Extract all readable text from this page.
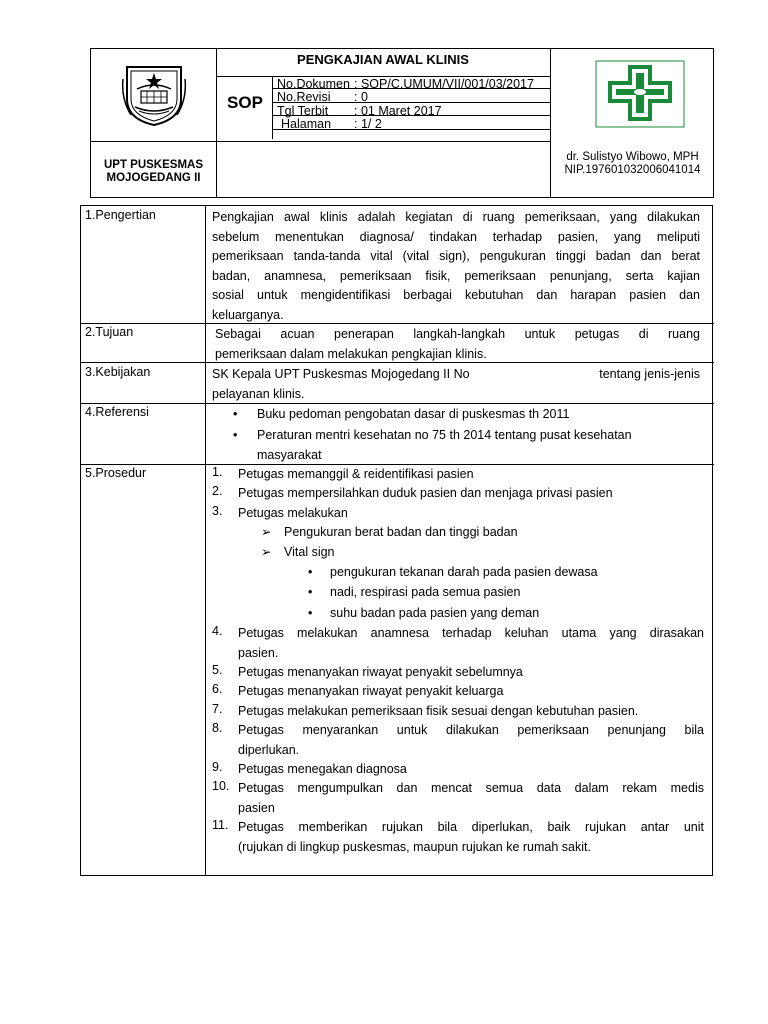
PENGKAJIAN AWAL KLINIS
SOP
No.Dokumen : SOP/C.UMUM/VII/001/03/2017
No.Revisi : 0
Tgl Terbit : 01 Maret 2017
Halaman : 1/ 2
UPT PUSKESMAS
MOJOGEDANG II
dr. Sulistyo Wibowo, MPH
NIP.197601032006041014
1.Pengertian	Pengkajian awal klinis adalah kegiatan di ruang pemeriksaan, yang dilakukan
sebelum menentukan diagnosa/ tindakan terhadap pasien, yang meliputi
pemeriksaan tanda-tanda vital (vital sign), pengukuran tinggi badan dan berat
badan, anamnesa, pemeriksaan fisik, pemeriksaan penunjang, serta kajian
sosial untuk mengidentifikasi berbagai kebutuhan dan harapan pasien dan
keluarganya.
2.Tujuan	Sebagai acuan penerapan langkah-langkah untuk petugas di ruang
pemeriksaan dalam melakukan pengkajian klinis.
3.Kebijakan	SK Kepala UPT Puskesmas Mojogedang II No	tentang jenis-jenis
pelayanan klinis.
4.Referensi	• Buku pedoman pengobatan dasar di puskesmas th 2011
• Peraturan mentri kesehatan no 75 th 2014 tentang pusat kesehatan
masyarakat
5.Prosedur	1.	Petugas memanggil & reidentifikasi pasien
2.	Petugas mempersilahkan duduk pasien dan menjaga privasi pasien
3.	Petugas melakukan
➢ Pengukuran berat badan dan tinggi badan
➢ Vital sign
• pengukuran tekanan darah pada pasien dewasa
• nadi, respirasi pada semua pasien
• suhu badan pada pasien yang deman
4.	Petugas melakukan anamnesa terhadap keluhan utama yang dirasakan
pasien.
5.	Petugas menanyakan riwayat penyakit sebelumnya
6.	Petugas menanyakan riwayat penyakit keluarga
7.	Petugas melakukan pemeriksaan fisik sesuai dengan kebutuhan pasien.
8.	Petugas menyarankan untuk dilakukan pemeriksaan penunjang bila
diperlukan.
9.	Petugas menegakan diagnosa
10. Petugas mengumpulkan dan mencat semua data dalam rekam medis
pasien
11. Petugas memberikan rujukan bila diperlukan, baik rujukan antar unit
(rujukan di lingkup puskesmas, maupun rujukan ke rumah sakit.
